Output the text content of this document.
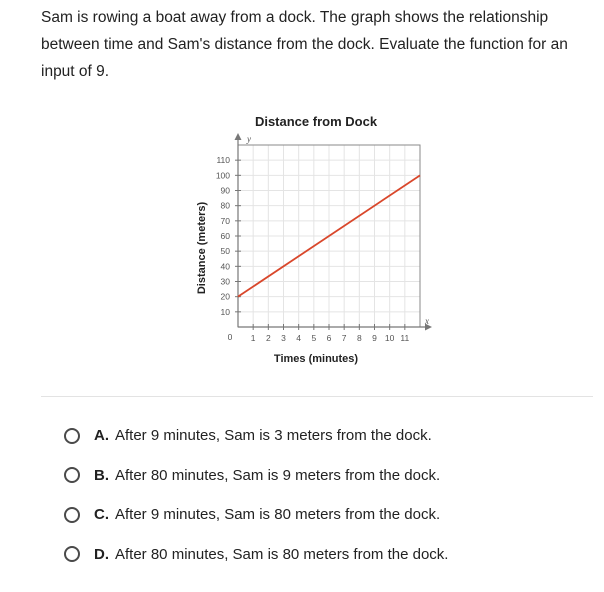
Sam is rowing a boat away from a dock. The graph shows the relationship between time and Sam's distance from the dock. Evaluate the function for an input of 9.
Distance from Dock
1 2 3 4 5 6 7 8 9 10 11
10
20
30
40
50
60
70
80
90
100
110
0
y
x
Times (minutes)
Distance (meters)
A. After 9 minutes, Sam is 3 meters from the dock.
B. After 80 minutes, Sam is 9 meters from the dock.
C. After 9 minutes, Sam is 80 meters from the dock.
D. After 80 minutes, Sam is 80 meters from the dock.
